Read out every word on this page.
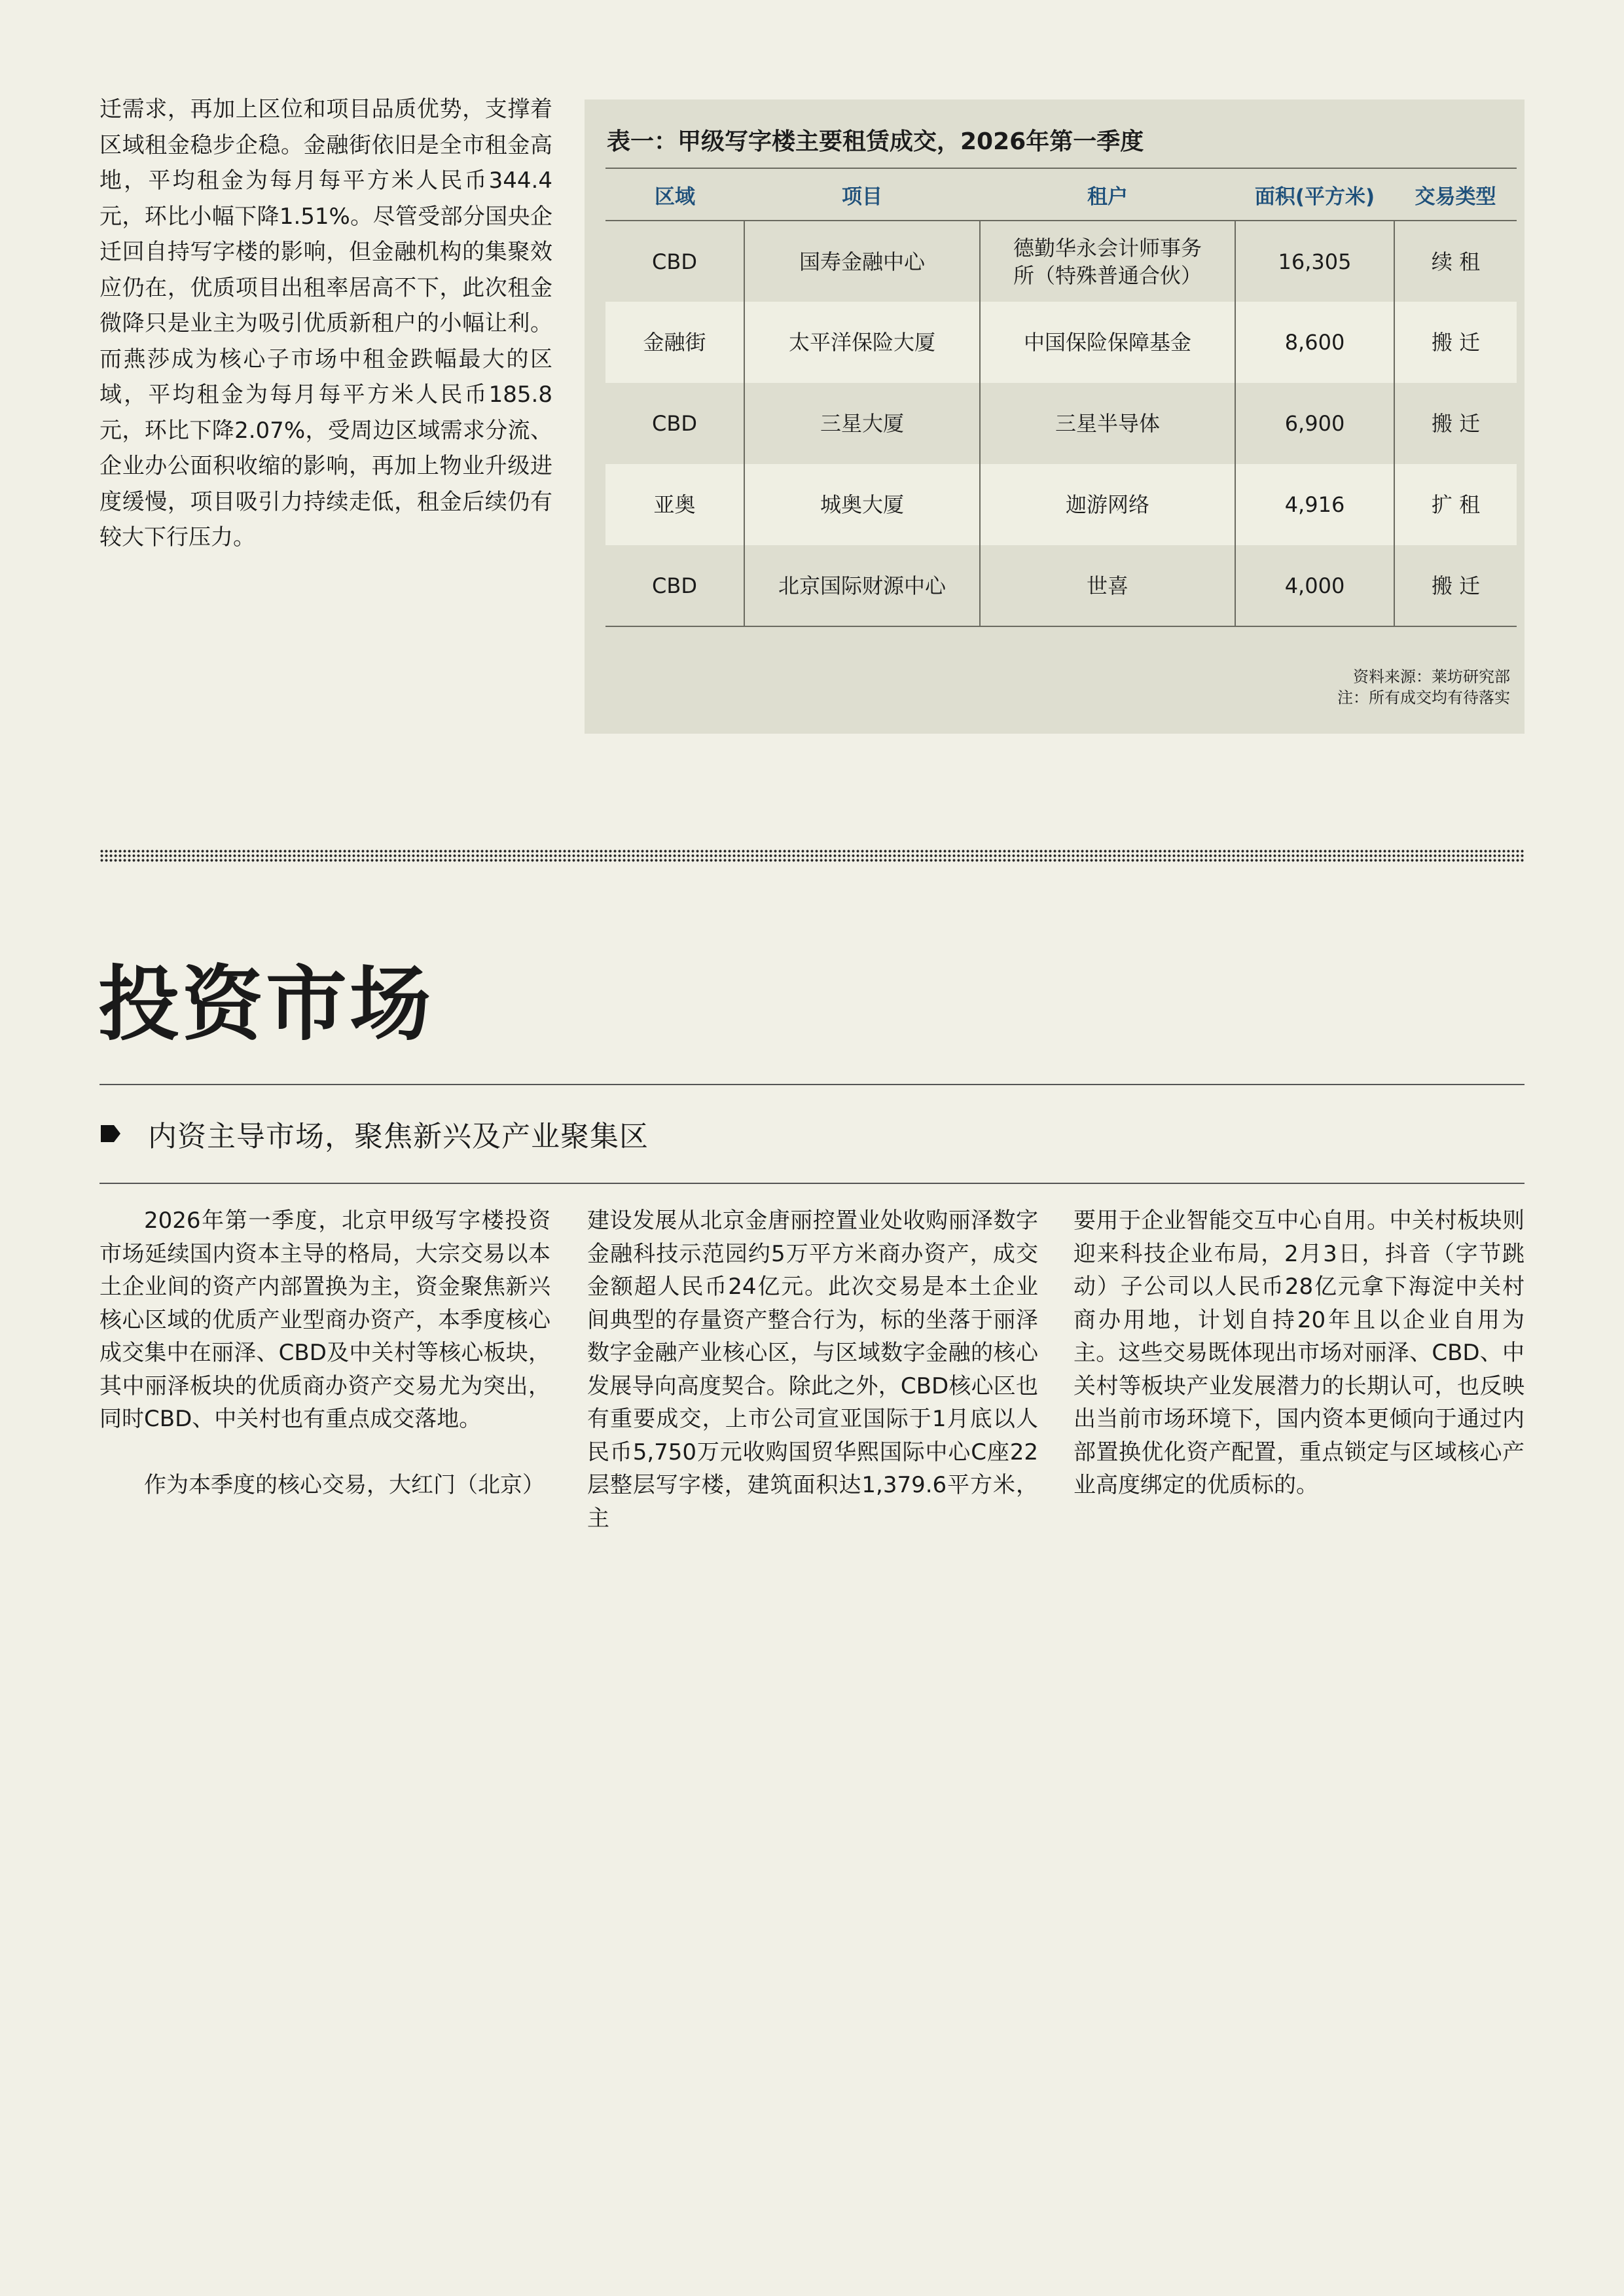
迁需求，再加上区位和项目品质优势，支撑着区域租金稳步企稳。金融街依旧是全市租金高地，平均租金为每月每平方米人民币344.4元，环比小幅下降1.51%。尽管受部分国央企迁回自持写字楼的影响，但金融机构的集聚效应仍在，优质项目出租率居高不下，此次租金微降只是业主为吸引优质新租户的小幅让利。而燕莎成为核心子市场中租金跌幅最大的区域，平均租金为每月每平方米人民币185.8元，环比下降2.07%，受周边区域需求分流、企业办公面积收缩的影响，再加上物业升级进度缓慢，项目吸引力持续走低，租金后续仍有较大下行压力。

表一：甲级写字楼主要租赁成交，2026年第一季度
区域	项目	租户	面积(平方米)	交易类型
CBD	国寿金融中心	德勤华永会计师事务所（特殊普通合伙）	16,305	续 租
金融街	太平洋保险大厦	中国保险保障基金	8,600	搬 迁
CBD	三星大厦	三星半导体	6,900	搬 迁
亚奥	城奥大厦	迦游网络	4,916	扩 租
CBD	北京国际财源中心	世喜	4,000	搬 迁
资料来源：莱坊研究部
注：所有成交均有待落实
投资市场
内资主导市场，聚焦新兴及产业聚集区

2026年第一季度，北京甲级写字楼投资市场延续国内资本主导的格局，大宗交易以本土企业间的资产内部置换为主，资金聚焦新兴核心区域的优质产业型商办资产，本季度核心成交集中在丽泽、CBD及中关村等核心板块，其中丽泽板块的优质商办资产交易尤为突出，同时CBD、中关村也有重点成交落地。

作为本季度的核心交易，大红门（北京）

建设发展从北京金唐丽控置业处收购丽泽数字金融科技示范园约5万平方米商办资产，成交金额超人民币24亿元。此次交易是本土企业间典型的存量资产整合行为，标的坐落于丽泽数字金融产业核心区，与区域数字金融的核心发展导向高度契合。除此之外，CBD核心区也有重要成交，上市公司宣亚国际于1月底以人民币5,750万元收购国贸华熙国际中心C座22层整层写字楼，建筑面积达1,379.6平方米，主

要用于企业智能交互中心自用。中关村板块则迎来科技企业布局，2月3日，抖音（字节跳动）子公司以人民币28亿元拿下海淀中关村商办用地，计划自持20年且以企业自用为主。这些交易既体现出市场对丽泽、CBD、中关村等板块产业发展潜力的长期认可，也反映出当前市场环境下，国内资本更倾向于通过内部置换优化资产配置，重点锁定与区域核心产业高度绑定的优质标的。
